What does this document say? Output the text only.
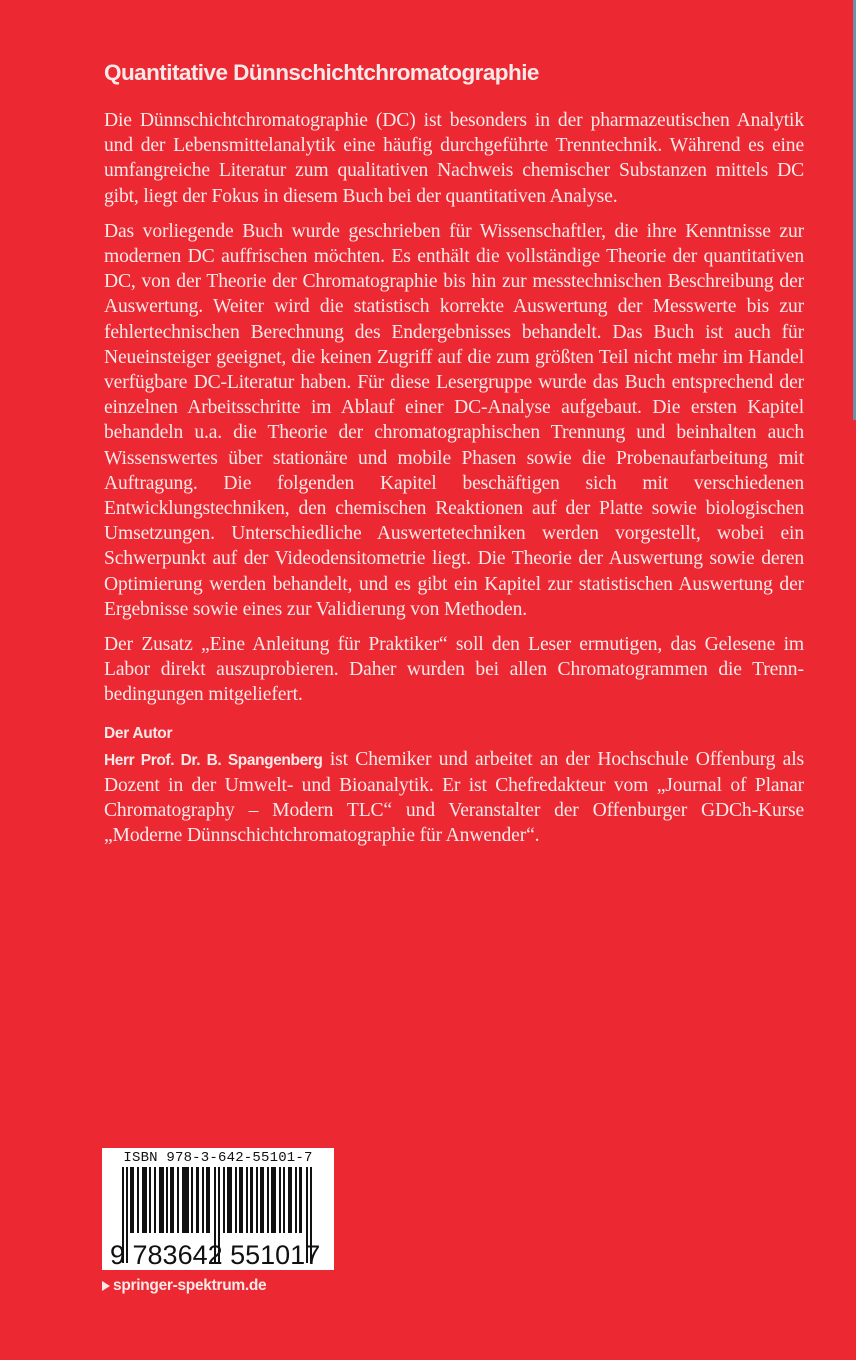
Quantitative Dünnschichtchromatographie

Die Dünnschichtchromatographie (DC) ist besonders in der pharmazeutischen Analytik und der Lebensmittelanalytik eine häufig durchgeführte Trenntechnik. Während es eine umfangreiche Literatur zum qualitativen Nachweis chemischer Substanzen mittels DC gibt, liegt der Fokus in diesem Buch bei der quantitativen Analyse.

Das vorliegende Buch wurde geschrieben für Wissenschaftler, die ihre Kenntnisse zur modernen DC auffrischen möchten. Es enthält die vollständige Theorie der quantitativen DC, von der Theorie der Chromatographie bis hin zur messtechnischen Beschreibung der Auswertung. Weiter wird die statistisch korrekte Auswertung der Messwerte bis zur fehlertechnischen Berechnung des Endergebnisses behandelt. Das Buch ist auch für Neueinsteiger geeignet, die keinen Zugriff auf die zum größten Teil nicht mehr im Handel verfügbare DC-Literatur haben. Für diese Lesergruppe wurde das Buch entsprechend der einzelnen Arbeitsschritte im Ablauf einer DC-Analyse aufgebaut. Die ersten Kapitel behandeln u.a. die Theorie der chromatographischen Trennung und beinhalten auch Wissenswertes über stationäre und mobile Phasen sowie die Probenaufarbeitung mit Auftragung. Die folgenden Kapitel beschäftigen sich mit verschiedenen Entwicklungstechniken, den chemischen Reaktionen auf der Platte sowie biologischen Umsetzungen. Unterschiedliche Auswertetechniken werden vorgestellt, wobei ein Schwerpunkt auf der Videodensitometrie liegt. Die Theorie der Auswertung sowie deren Optimierung werden behandelt, und es gibt ein Kapitel zur statistischen Auswertung der Ergebnisse sowie eines zur Validierung von Methoden.

Der Zusatz „Eine Anleitung für Praktiker“ soll den Leser ermutigen, das Gelesene im Labor direkt auszuprobieren. Daher wurden bei allen Chromatogrammen die Trennbedingungen mitgeliefert.

Der Autor

Herr Prof. Dr. B. Spangenberg ist Chemiker und arbeitet an der Hochschule Offenburg als Dozent in der Umwelt- und Bioanalytik. Er ist Chefredakteur vom „Journal of Planar Chromatography – Modern TLC“ und Veranstalter der Offenburger GDCh-Kurse „Moderne Dünnschichtchromatographie für Anwender“.

ISBN 978-3-642-55101-7
9 783642 551017
springer-spektrum.de
